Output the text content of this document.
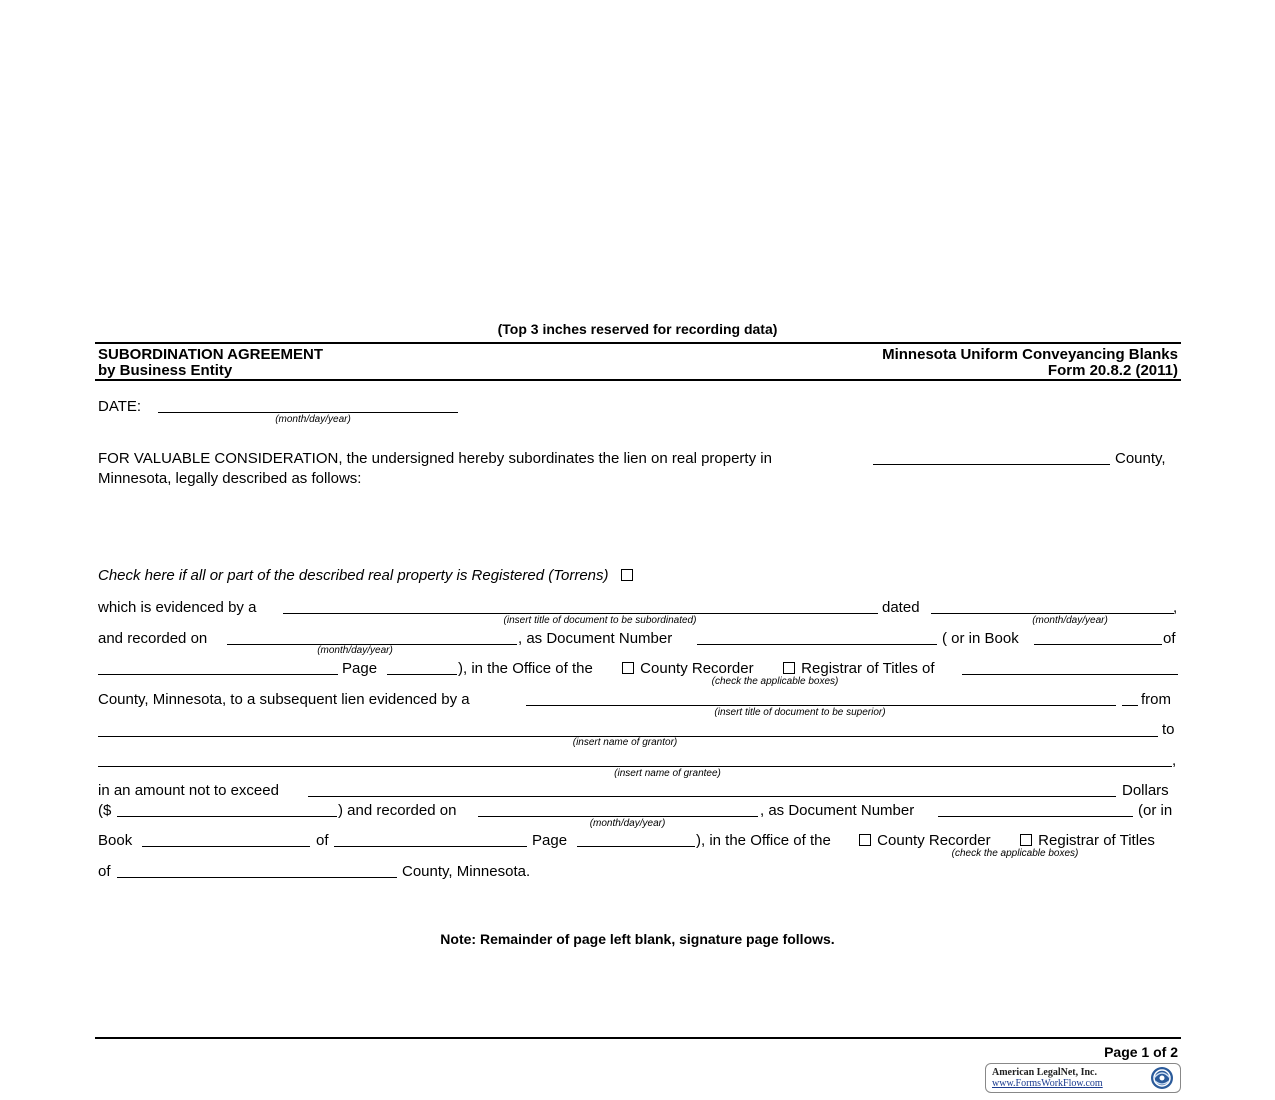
(Top 3 inches reserved for recording data)
SUBORDINATION AGREEMENT
by Business Entity
Minnesota Uniform Conveyancing Blanks
Form 20.8.2 (2011)
DATE:
(month/day/year)
FOR VALUABLE CONSIDERATION, the undersigned hereby subordinates the lien on real property in	County,
Minnesota, legally described as follows:
Check here if all or part of the described real property is Registered (Torrens)
which is evidenced by a	dated	,
(insert title of document to be subordinated)	(month/day/year)
and recorded on	, as Document Number	( or in Book	of
(month/day/year)
Page	), in the Office of the	County Recorder	Registrar of Titles of
(check the applicable boxes)
County, Minnesota, to a subsequent lien evidenced by a	from
(insert title of document to be superior)
to
(insert name of grantor)
,
(insert name of grantee)
in an amount not to exceed	Dollars
($	) and recorded on	, as Document Number	(or in
(month/day/year)
Book	of	Page	), in the Office of the	County Recorder	Registrar of Titles
(check the applicable boxes)
of	County, Minnesota.
Note: Remainder of page left blank, signature page follows.
Page 1 of 2
American LegalNet, Inc.
www.FormsWorkFlow.com
